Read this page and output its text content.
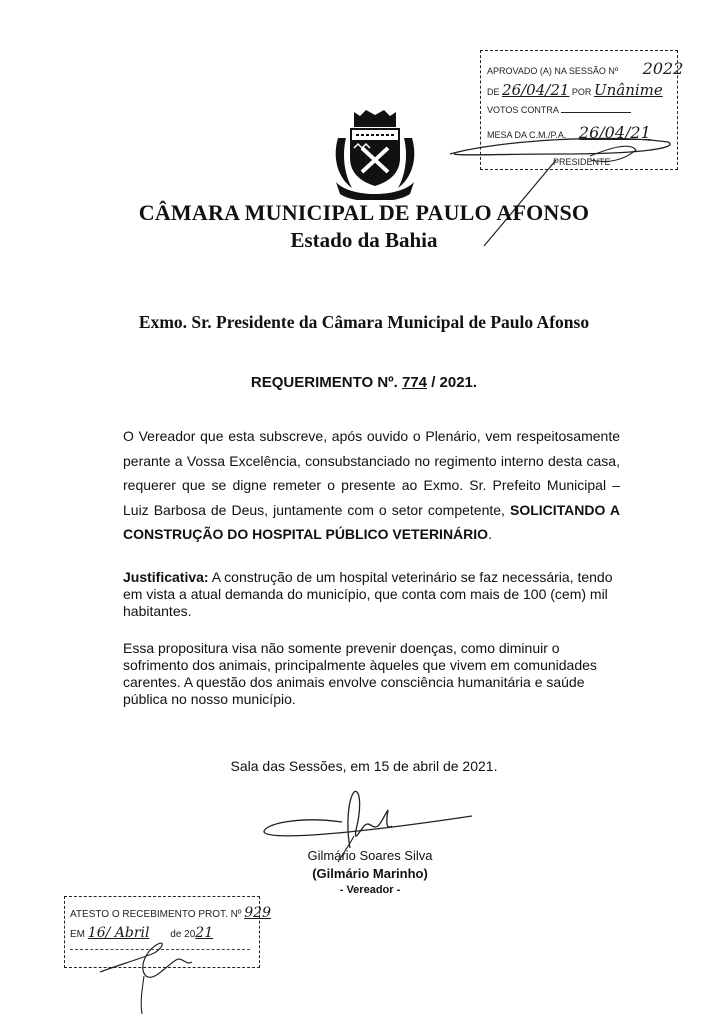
APROVADO (A) NA SESSÃO Nº 2022
DE 26/04/21 POR Unânime
VOTOS CONTRA
MESA DA C.M./P.A. 26/04/21
PRESIDENTE
CÂMARA MUNICIPAL DE PAULO AFONSO
Estado da Bahia
Exmo. Sr. Presidente da Câmara Municipal de Paulo Afonso
REQUERIMENTO Nº. 774 / 2021.
O Vereador que esta subscreve, após ouvido o Plenário, vem respeitosamente perante a Vossa Excelência, consubstanciado no regimento interno desta casa, requerer que se digne remeter o presente ao Exmo. Sr. Prefeito Municipal – Luiz Barbosa de Deus, juntamente com o setor competente, SOLICITANDO A CONSTRUÇÃO DO HOSPITAL PÚBLICO VETERINÁRIO.
Justificativa: A construção de um hospital veterinário se faz necessária, tendo em vista a atual demanda do município, que conta com mais de 100 (cem) mil habitantes.
Essa propositura visa não somente prevenir doenças, como diminuir o sofrimento dos animais, principalmente àqueles que vivem em comunidades carentes. A questão dos animais envolve consciência humanitária e saúde pública no nosso município.
Sala das Sessões, em 15 de abril de 2021.
Gilmário Soares Silva
(Gilmário Marinho)
- Vereador -
ATESTO O RECEBIMENTO PROT. Nº 929
EM 16/ Abril de 2021
